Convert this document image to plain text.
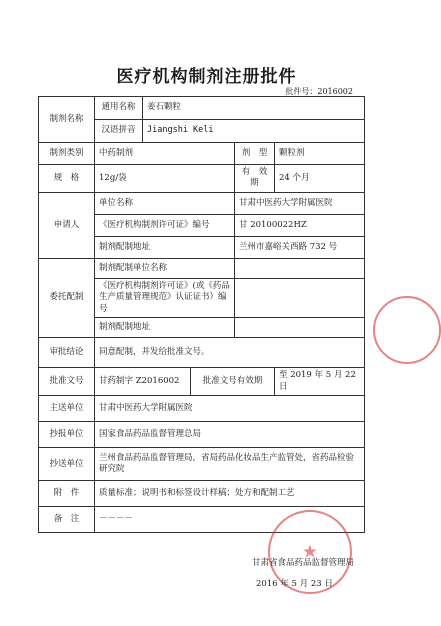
医疗机构制剂注册批件
批件号：2016002
制剂名称	通用名称	姜石颗粒			
	汉语拼音	Jiangshi Keli			
制剂类别	中药制剂			剂　型	颗粒剂
规　格	12g/袋			有　效　期	24 个月
申请人	单位名称			甘肃中医药大学附属医院	
	《医疗机构制剂许可证》编号			甘 20100022HZ	
	制剂配制地址			兰州市嘉峪关西路 732 号	
委托配制	制剂配制单位名称				
	《医疗机构制剂许可证》(或《药品生产质量管理规范》认证证书）编号				
	制剂配制地址				
审批结论	同意配制，并发给批准文号。				
批准文号	甘药制字 Z2016002		批准文号有效期		至 2019 年 5 月 22 日
主送单位	甘肃中医药大学附属医院				
抄报单位	国家食品药品监督管理总局				
抄送单位	兰州食品药品监督管理局，省局药品化妆品生产监管处，省药品检验研究院				
附　件	质量标准；说明书和标签设计样稿；处方和配制工艺				
备　注	－－－－				
★
甘肃省食品药品监督管理局
2016 年 5 月 23 日
